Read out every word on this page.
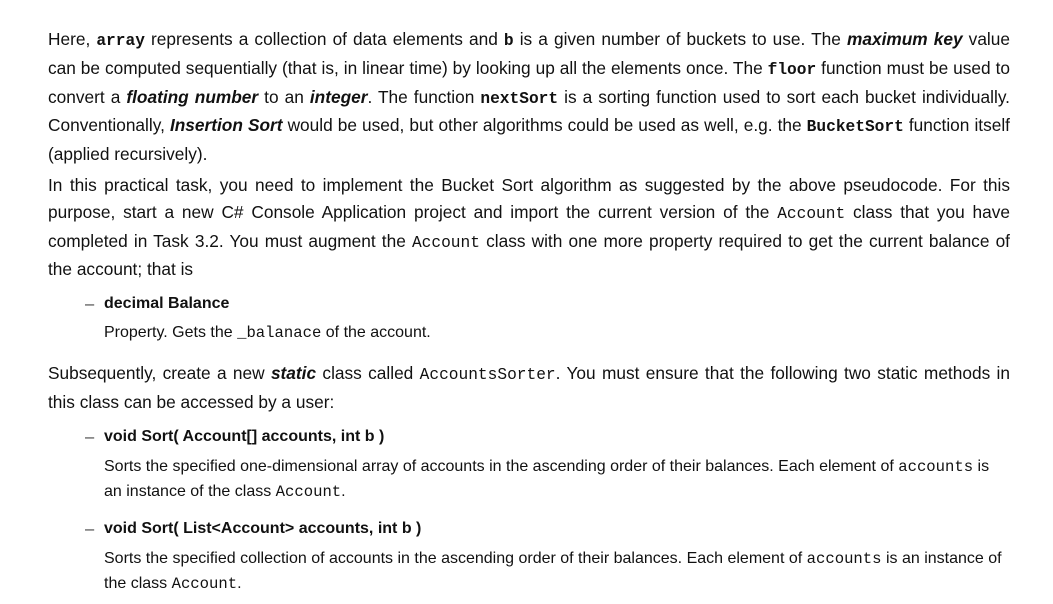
Here, array represents a collection of data elements and b is a given number of buckets to use. The maximum key value can be computed sequentially (that is, in linear time) by looking up all the elements once. The floor function must be used to convert a floating number to an integer. The function nextSort is a sorting function used to sort each bucket individually. Conventionally, Insertion Sort would be used, but other algorithms could be used as well, e.g. the BucketSort function itself (applied recursively).

In this practical task, you need to implement the Bucket Sort algorithm as suggested by the above pseudocode. For this purpose, start a new C# Console Application project and import the current version of the Account class that you have completed in Task 3.2. You must augment the Account class with one more property required to get the current balance of the account; that is

– decimal Balance

Property. Gets the _balanace of the account.

Subsequently, create a new static class called AccountsSorter. You must ensure that the following two static methods in this class can be accessed by a user:

– void Sort( Account[] accounts, int b )

Sorts the specified one-dimensional array of accounts in the ascending order of their balances. Each element of accounts is an instance of the class Account.

– void Sort( List<Account> accounts, int b )

Sorts the specified collection of accounts in the ascending order of their balances. Each element of accounts is an instance of the class Account.
